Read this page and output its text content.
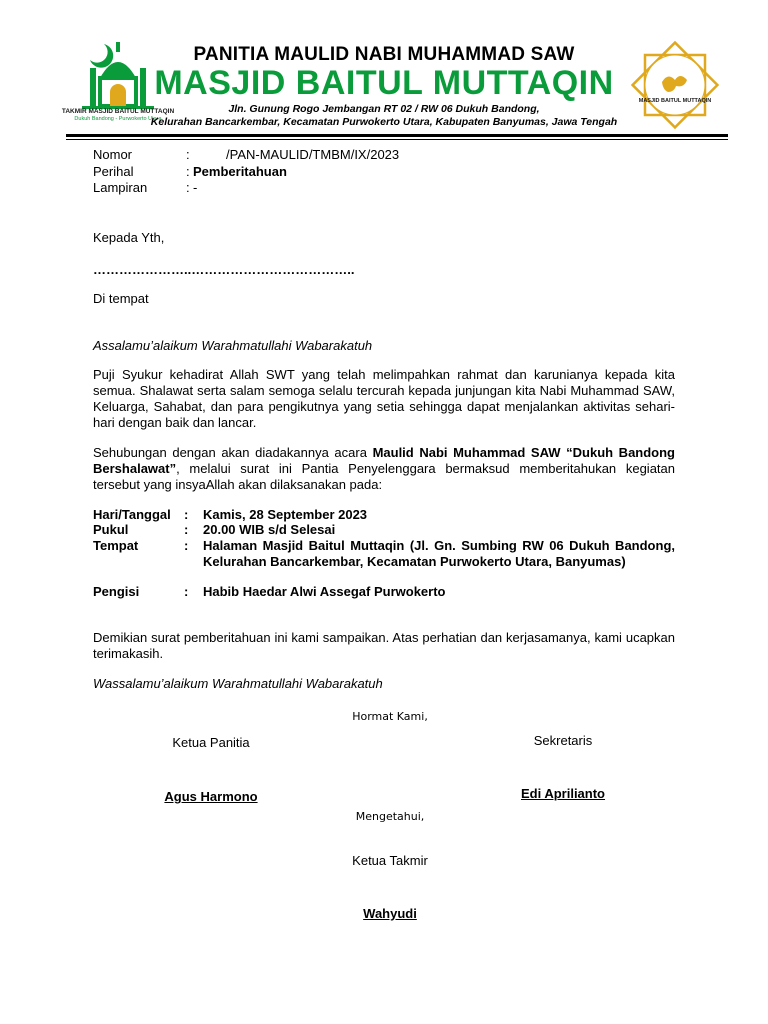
TAKMIR MASJID BAITUL MUTTAQIN
Dukuh Bandong - Purwokerto Utara
MASJID BAITUL MUTTAQIN
PANITIA MAULID NABI MUHAMMAD SAW
MASJID BAITUL MUTTAQIN
Jln. Gunung Rogo Jembangan RT 02 / RW 06 Dukuh Bandong,
Kelurahan Bancarkembar, Kecamatan Purwokerto Utara, Kabupaten Banyumas, Jawa Tengah
Nomor	:	/PAN-MAULID/TMBM/IX/2023
Perihal	: Pemberitahuan
Lampiran	: -
Kepada Yth,
…………………..………………………………..
Di tempat
Assalamu’alaikum Warahmatullahi Wabarakatuh
Puji Syukur kehadirat Allah SWT yang telah melimpahkan rahmat dan karunianya kepada kita semua. Shalawat serta salam semoga selalu tercurah kepada junjungan kita Nabi Muhammad SAW, Keluarga, Sahabat, dan para pengikutnya yang setia sehingga dapat menjalankan aktivitas sehari-hari dengan baik dan lancar.
Sehubungan dengan akan diadakannya acara Maulid Nabi Muhammad SAW “Dukuh Bandong Bershalawat”, melalui surat ini Pantia Penyelenggara bermaksud memberitahukan kegiatan tersebut yang insyaAllah akan dilaksanakan pada:
Hari/Tanggal : Kamis, 28 September 2023
Pukul	: 20.00 WIB s/d Selesai
Tempat	: Halaman Masjid Baitul Muttaqin (Jl. Gn. Sumbing RW 06 Dukuh Bandong, Kelurahan Bancarkembar, Kecamatan Purwokerto Utara, Banyumas)
Pengisi	: Habib Haedar Alwi Assegaf Purwokerto
Demikian surat pemberitahuan ini kami sampaikan. Atas perhatian dan kerjasamanya, kami ucapkan terimakasih.
Wassalamu’alaikum Warahmatullahi Wabarakatuh
Hormat Kami,
Ketua Panitia	Sekretaris
Agus Harmono	Edi Aprilianto
Mengetahui,
Ketua Takmir
Wahyudi
